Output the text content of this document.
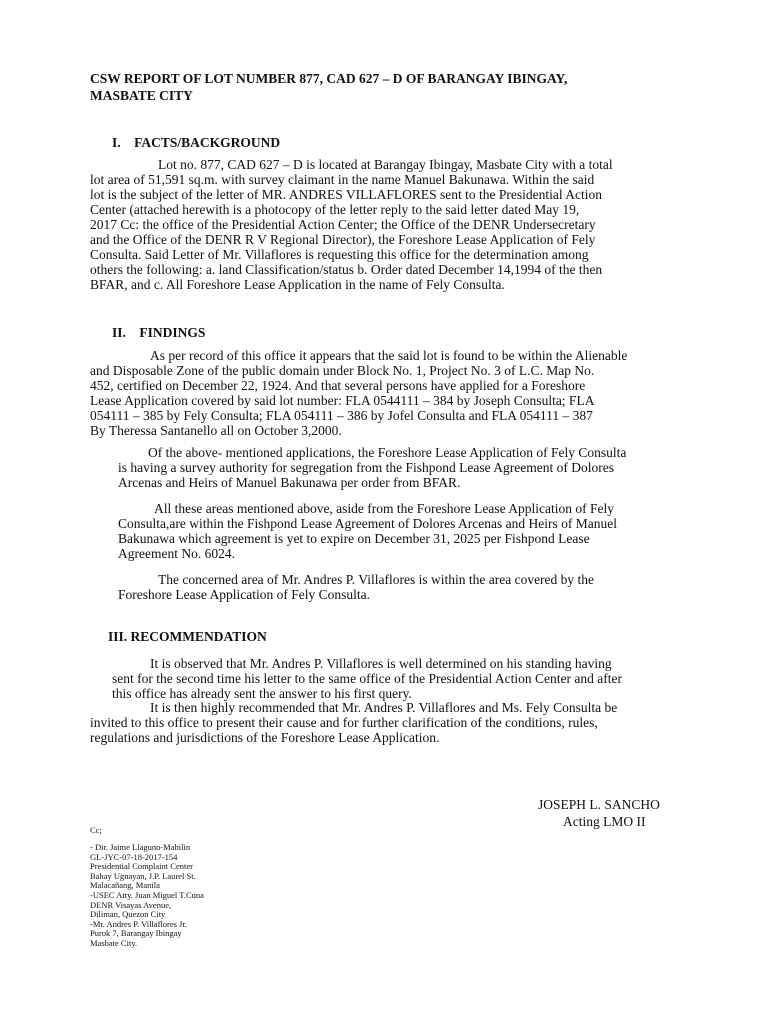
CSW REPORT OF LOT NUMBER 877, CAD 627 – D OF BARANGAY IBINGAY,
MASBATE CITY
I.    FACTS/BACKGROUND
Lot no. 877, CAD 627 – D is located at Barangay Ibingay, Masbate City with a total
lot area of 51,591 sq.m. with survey claimant in the name Manuel Bakunawa. Within the said
lot is the subject of the letter of MR. ANDRES VILLAFLORES sent to the Presidential Action
Center (attached herewith is a photocopy of the letter reply to the said letter dated May 19,
2017 Cc: the office of the Presidential Action Center; the Office of the DENR Undersecretary
and the Office of the DENR R V Regional Director), the Foreshore Lease Application of Fely
Consulta. Said Letter of Mr. Villaflores is requesting this office for the determination among
others the following: a. land Classification/status b. Order dated December 14,1994 of the then
BFAR, and c. All Foreshore Lease Application in the name of Fely Consulta.
II.    FINDINGS
As per record of this office it appears that the said lot is found to be within the Alienable
and Disposable Zone of the public domain under Block No. 1, Project No. 3 of L.C. Map No.
452, certified on December 22, 1924. And that several persons have applied for a Foreshore
Lease Application covered by said lot number: FLA 0544111 – 384 by Joseph Consulta; FLA
054111 – 385 by Fely Consulta; FLA 054111 – 386 by Jofel Consulta and FLA 054111 – 387
By Theressa Santanello all on October 3,2000.
Of the above- mentioned applications, the Foreshore Lease Application of Fely Consulta
is having a survey authority for segregation from the Fishpond Lease Agreement of Dolores
Arcenas and Heirs of Manuel Bakunawa per order from BFAR.
All these areas mentioned above, aside from the Foreshore Lease Application of Fely
Consulta,are within the Fishpond Lease Agreement of Dolores Arcenas and Heirs of Manuel
Bakunawa which agreement is yet to expire on December 31, 2025 per Fishpond Lease
Agreement No. 6024.
The concerned area of Mr. Andres P. Villaflores is within the area covered by the
Foreshore Lease Application of Fely Consulta.
III. RECOMMENDATION
It is observed that Mr. Andres P. Villaflores is well determined on his standing having
sent for the second time his letter to the same office of the Presidential Action Center and after
this office has already sent the answer to his first query.
It is then highly recommended that Mr. Andres P. Villaflores and Ms. Fely Consulta be
invited to this office to present their cause and for further clarification of the conditions, rules,
regulations and jurisdictions of the Foreshore Lease Application.
JOSEPH L. SANCHO
Acting LMO II
Cc;
- Dir. Jaime Llaguno-Mabilin
GL-JYC-07-18-2017-154
Presidential Complaint Center
Bahay Ugnayan, J.P. Laurel St.
Malacañang, Manila
-USEC Atty. Juan Miguel T.Cuna
DENR Visayas Avenue,
Diliman, Quezon City
-Mr. Andres P. Villaflores Jr.
Purok 7, Barangay Ibingay
Masbate City.
